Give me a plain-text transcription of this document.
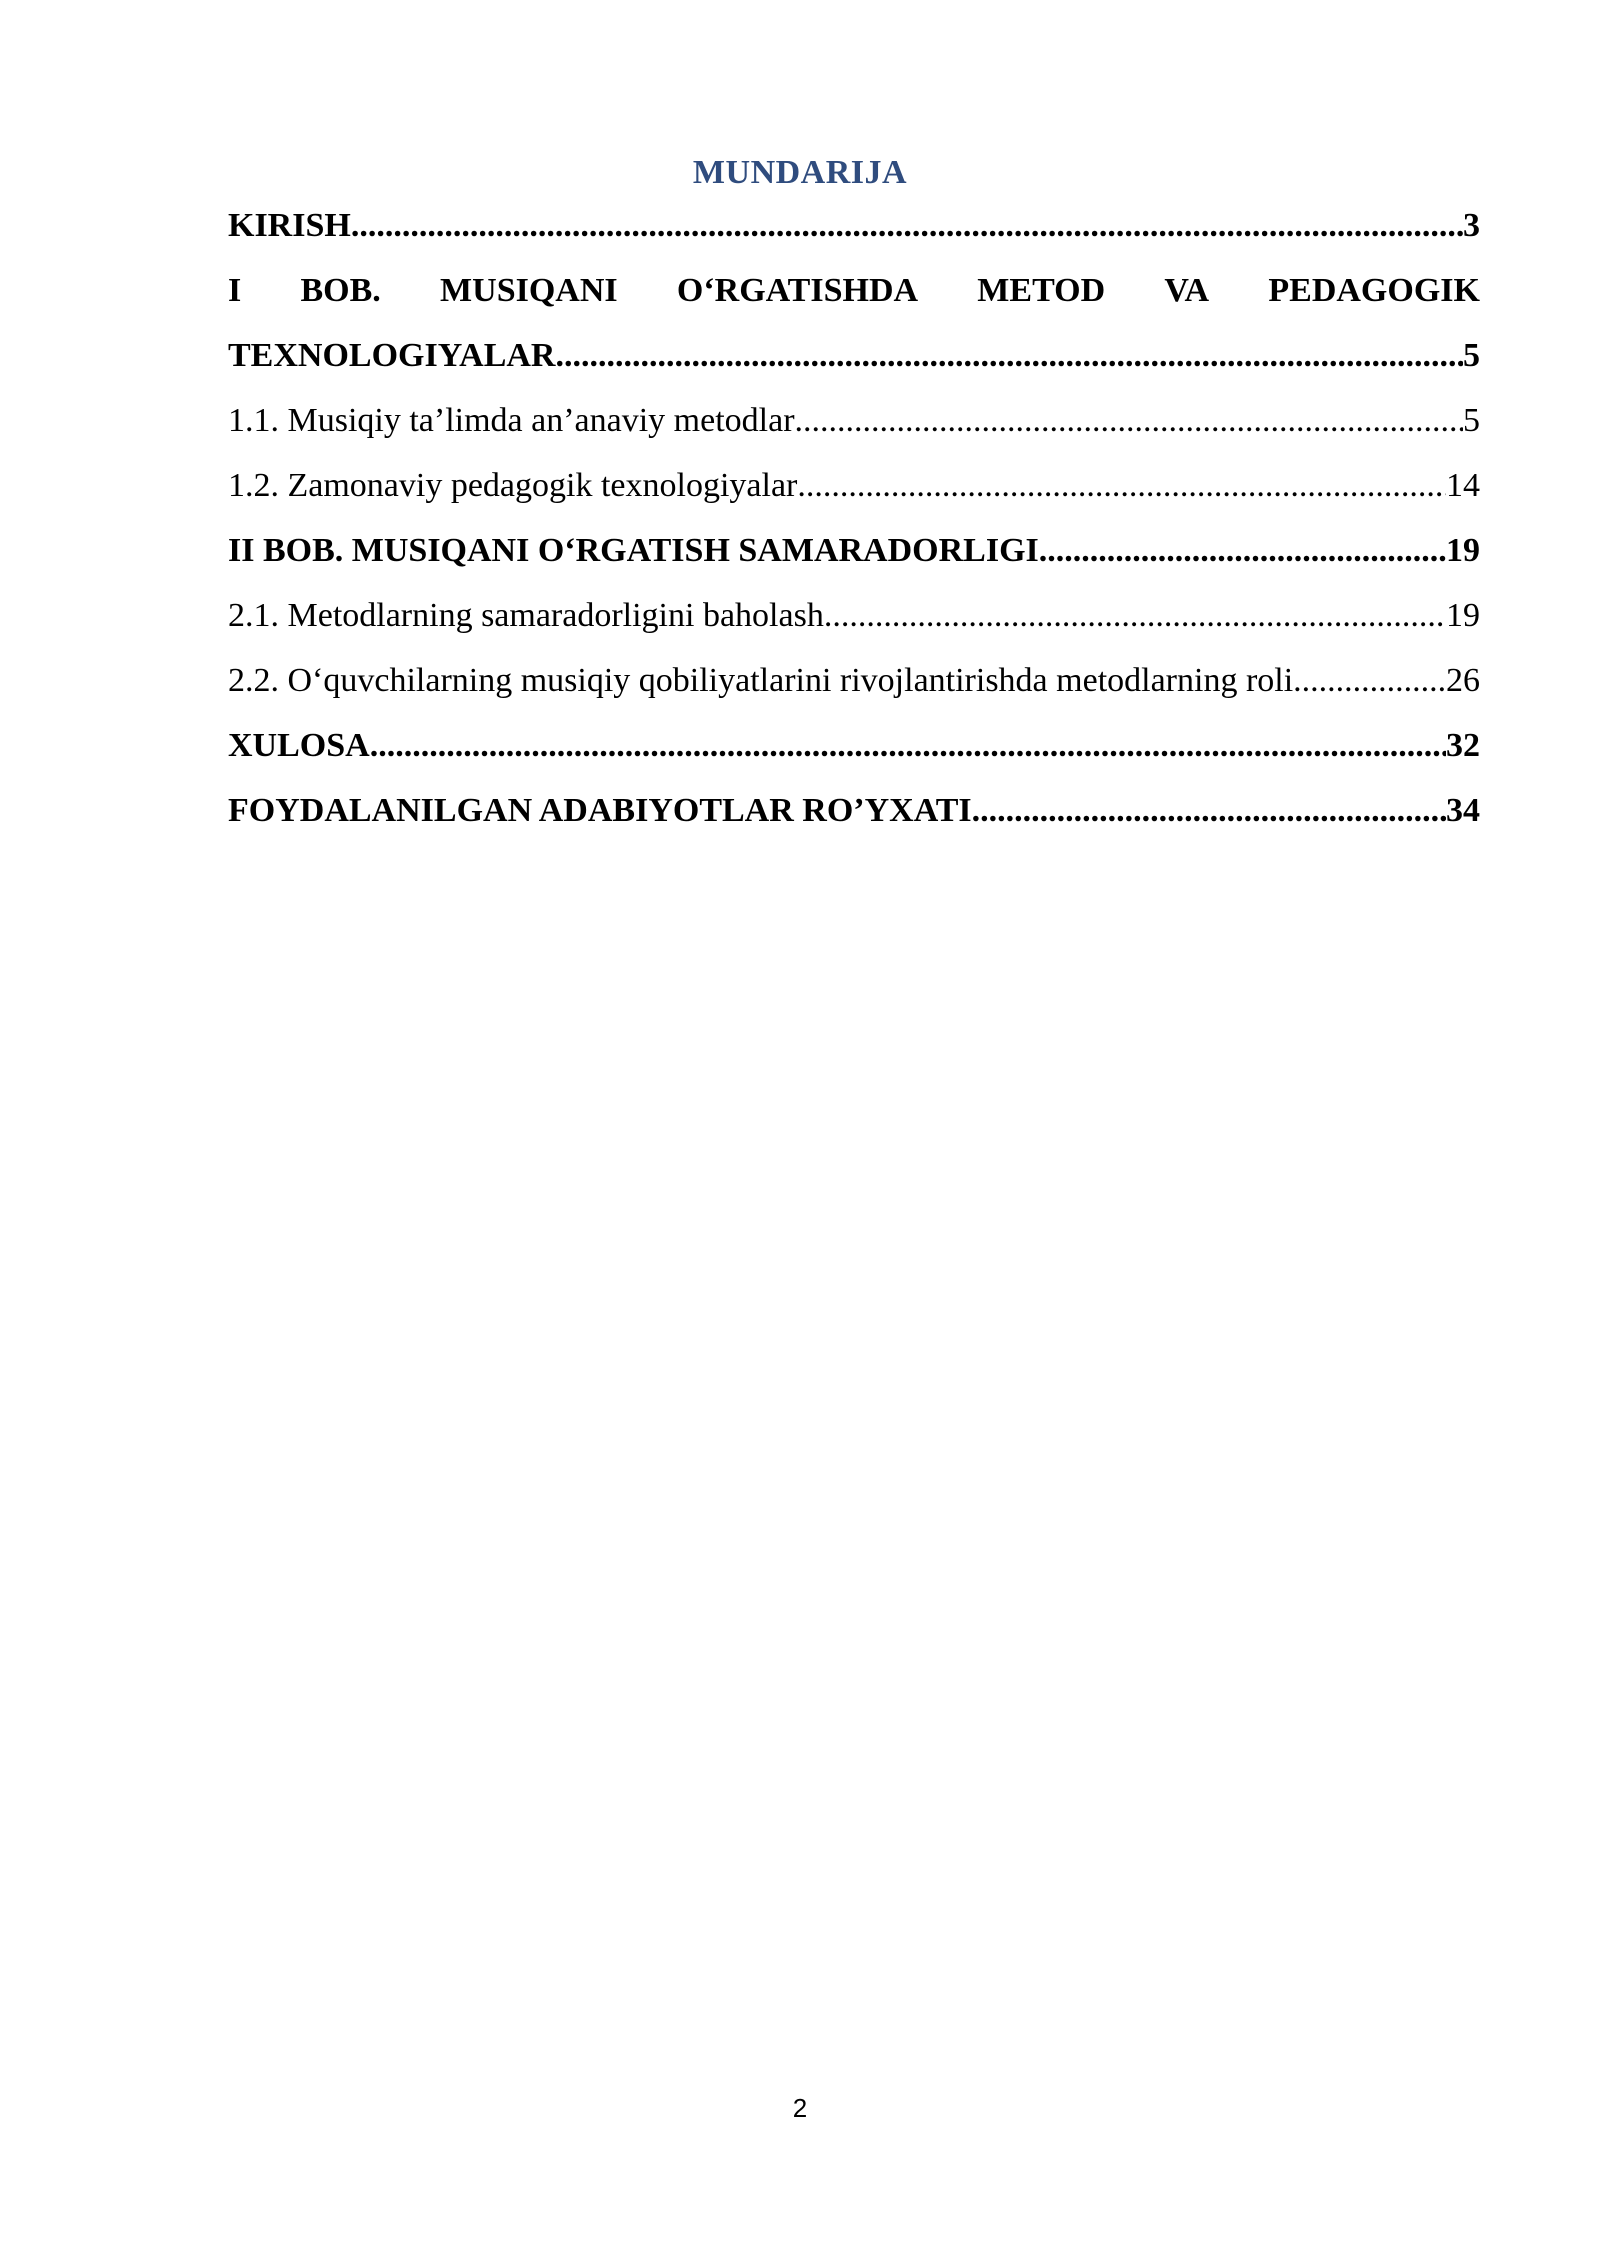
MUNDARIJA
KIRISH .....	3
I BOB. MUSIQANI O‘RGATISHDA METOD VA PEDAGOGIK
TEXNOLOGIYALAR .....	5
1.1. Musiqiy ta’limda an’anaviy metodlar .....	5
1.2. Zamonaviy pedagogik texnologiyalar .....	14
II BOB. MUSIQANI O‘RGATISH SAMARADORLIGI .....	19
2.1. Metodlarning samaradorligini baholash .....	19
2.2. O‘quvchilarning musiqiy qobiliyatlarini rivojlantirishda metodlarning roli .....	26
XULOSA .....	32
FOYDALANILGAN ADABIYOTLAR RO’YXATI .....	34
2
